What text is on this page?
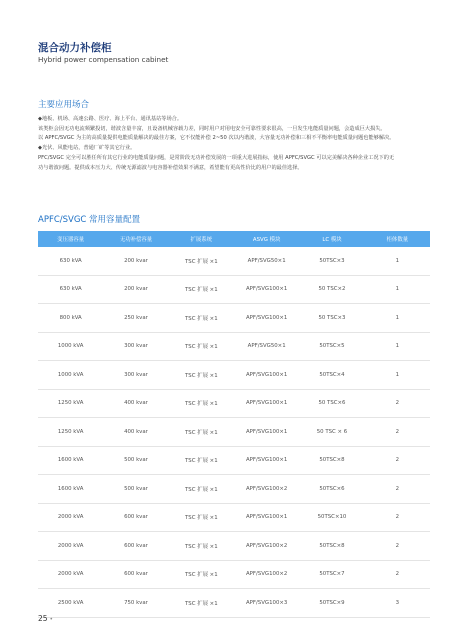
混合动力补偿柜
Hybrid power compensation cabinet
主要应用场合

◆地板、机场、高速公路、医疗、海上平台、通讯基站等场合。

该类柜会因无功电流频繁投切，谐波含量丰富，且设备机械容载力差，同时用户对用电安全可靠性要求很高，一旦发生电能质量问题，会造成巨大损失。

以 APFC/SVGC 为主的高质量提供电能质量解决的最佳方案，它不仅能补偿 2~50 次以内谐波，大容量无功补偿和三相不平衡率电能质量问题也能够解决。

◆光伏、风能电站，普通厂矿等其它行业。

PFC/SVGC 完全可以胜任所有其它行业的电能质量问题，是常阶段无功补偿发展的一项重大进展指标，使用 APFC/SVGC 可以完美解决各种企业工况下的无

功与谐波问题。提供成本压力大、传统无源滤波与电容器补偿效果不满意，希望能有更高性价比的用户的最佳选择。

APFC/SVGC 常用容量配置
变压器容量	无功补偿容量	扩展系统	ASVG 模块	LC 模块	柜体数量
630 kVA	200 kvar	TSC 扩展 ×1	APF/SVG50×1	50TSC×3	1
630 kVA	200 kvar	TSC 扩展 ×1	APF/SVG100×1	50 TSC×2	1
800 kVA	250 kvar	TSC 扩展 ×1	APF/SVG100×1	50 TSC×3	1
1000 kVA	300 kvar	TSC 扩展 ×1	APF/SVG50×1	50TSC×5	1
1000 kVA	300 kvar	TSC 扩展 ×1	APF/SVG100×1	50TSC×4	1
1250 kVA	400 kvar	TSC 扩展 ×1	APF/SVG100×1	50 TSC×6	2
1250 kVA	400 kvar	TSC 扩展 ×1	APF/SVG100×1	50 TSC × 6	2
1600 kVA	500 kvar	TSC 扩展 ×1	APF/SVG100×1	50TSC×8	2
1600 kVA	500 kvar	TSC 扩展 ×1	APF/SVG100×2	50TSC×6	2
2000 kVA	600 kvar	TSC 扩展 ×1	APF/SVG100×1	50TSC×10	2
2000 kVA	600 kvar	TSC 扩展 ×1	APF/SVG100×2	50TSC×8	2
2000 kVA	600 kvar	TSC 扩展 ×1	APF/SVG100×2	50TSC×7	2
2500 kVA	750 kvar	TSC 扩展 ×1	APF/SVG100×3	50TSC×9	3
25 •
